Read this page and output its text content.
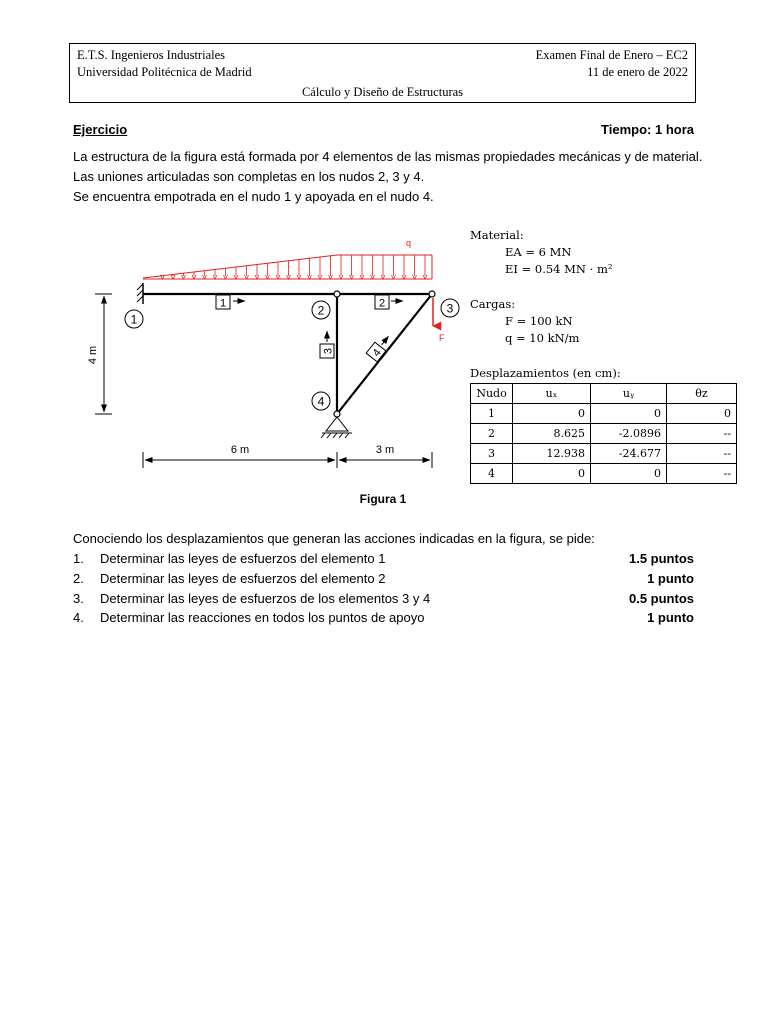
E.T.S. Ingenieros Industriales
Universidad Politécnica de Madrid
Examen Final de Enero – EC2
11 de enero de 2022
Cálculo y Diseño de Estructuras
Ejercicio	Tiempo: 1 hora
La estructura de la figura está formada por 4 elementos de las mismas propiedades mecánicas y de material.
Las uniones articuladas son completas en los nudos 2, 3 y 4.
Se encuentra empotrada en el nudo 1 y apoyada en el nudo 4.
q
F
1
2	3
4
1	2
3	4
4 m
6 m	3 m
Figura 1
Material:
EA = 6 MN
EI = 0.54 MN · m²
Cargas:
F = 100 kN
q = 10 kN/m
Desplazamientos (en cm):
Nudo	uₓ	uᵧ	θz
1	0	0	0
2	8.625	-2.0896	--
3	12.938	-24.677	--
4	0	0	--
Conociendo los desplazamientos que generan las acciones indicadas en la figura, se pide:
1. Determinar las leyes de esfuerzos del elemento 1	1.5 puntos
2. Determinar las leyes de esfuerzos del elemento 2	1 punto
3. Determinar las leyes de esfuerzos de los elementos 3 y 4	0.5 puntos
4. Determinar las reacciones en todos los puntos de apoyo	1 punto
